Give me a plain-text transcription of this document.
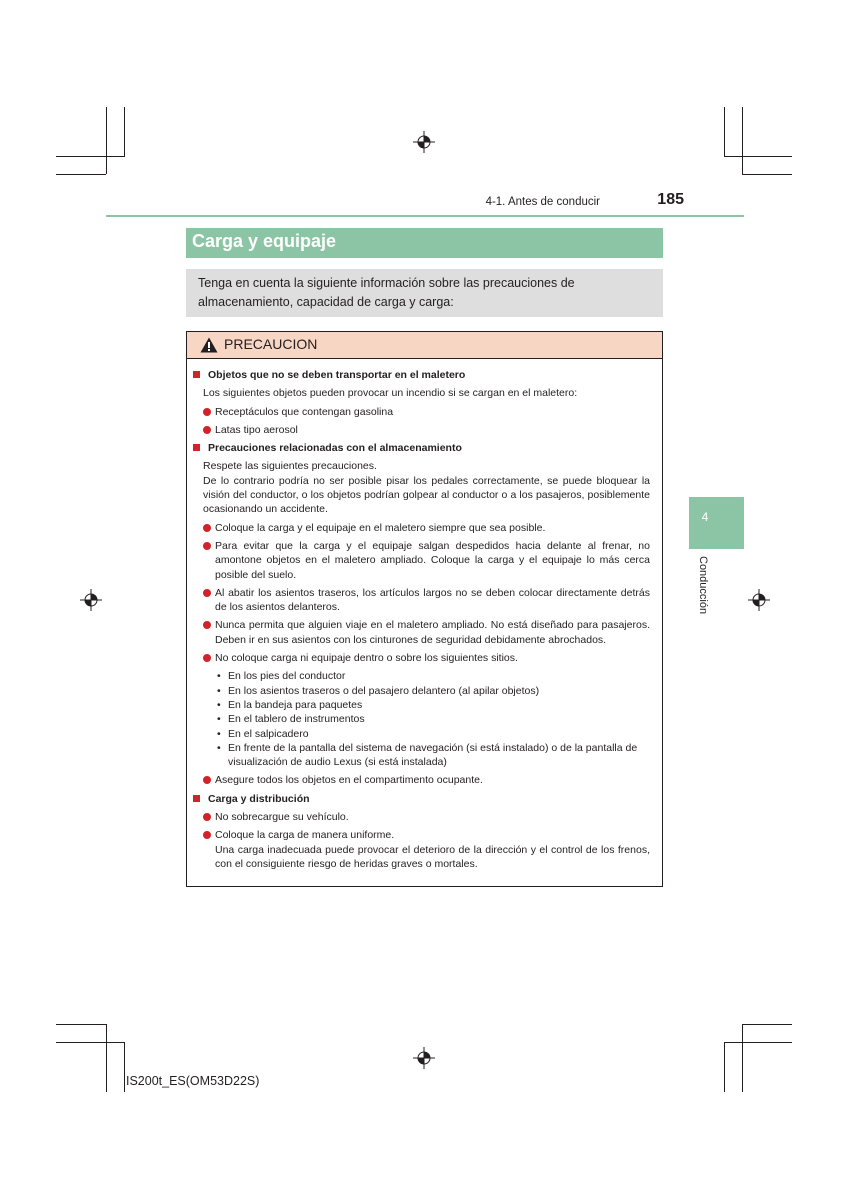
4-1. Antes de conducir	185
Carga y equipaje

Tenga en cuenta la siguiente información sobre las precauciones de almacenamiento, capacidad de carga y carga:

PRECAUCION
Objetos que no se deben transportar en el maletero
Los siguientes objetos pueden provocar un incendio si se cargan en el maletero:
Receptáculos que contengan gasolina
Latas tipo aerosol
Precauciones relacionadas con el almacenamiento
Respete las siguientes precauciones.
De lo contrario podría no ser posible pisar los pedales correctamente, se puede bloquear la visión del conductor, o los objetos podrían golpear al conductor o a los pasajeros, posiblemente ocasionando un accidente.
Coloque la carga y el equipaje en el maletero siempre que sea posible.
Para evitar que la carga y el equipaje salgan despedidos hacia delante al frenar, no amontone objetos en el maletero ampliado. Coloque la carga y el equipaje lo más cerca posible del suelo.
Al abatir los asientos traseros, los artículos largos no se deben colocar directamente detrás de los asientos delanteros.
Nunca permita que alguien viaje en el maletero ampliado. No está diseñado para pasajeros. Deben ir en sus asientos con los cinturones de seguridad debidamente abrochados.
No coloque carga ni equipaje dentro o sobre los siguientes sitios.
• En los pies del conductor
• En los asientos traseros o del pasajero delantero (al apilar objetos)
• En la bandeja para paquetes
• En el tablero de instrumentos
• En el salpicadero
• En frente de la pantalla del sistema de navegación (si está instalado) o de la pantalla de visualización de audio Lexus (si está instalada)
Asegure todos los objetos en el compartimento ocupante.
Carga y distribución
No sobrecargue su vehículo.
Coloque la carga de manera uniforme.
Una carga inadecuada puede provocar el deterioro de la dirección y el control de los frenos, con el consiguiente riesgo de heridas graves o mortales.
4
Conducción
IS200t_ES(OM53D22S)
